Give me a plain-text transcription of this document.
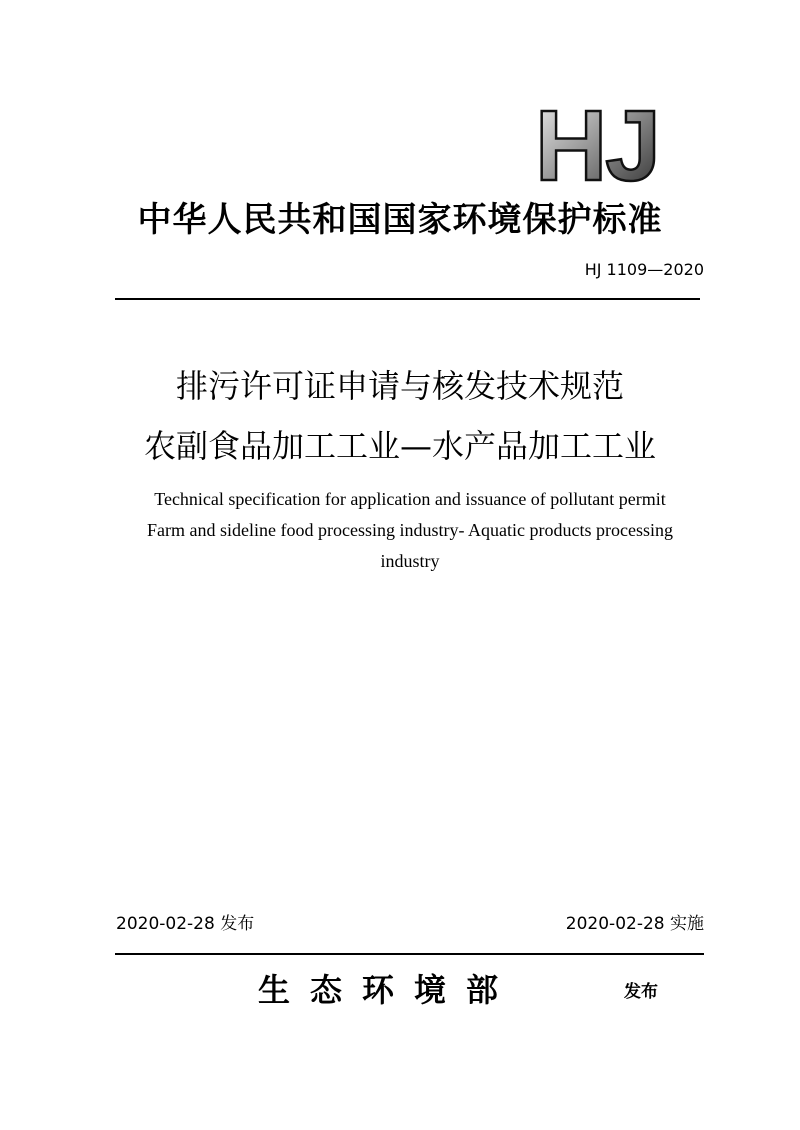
HJ
中华人民共和国国家环境保护标准
HJ 1109—2020
排污许可证申请与核发技术规范
农副食品加工工业—水产品加工工业
Technical specification for application and issuance of pollutant permit
Farm and sideline food processing industry- Aquatic products processing
industry
2020-02-28 发布	2020-02-28 实施
生态环境部	发布
